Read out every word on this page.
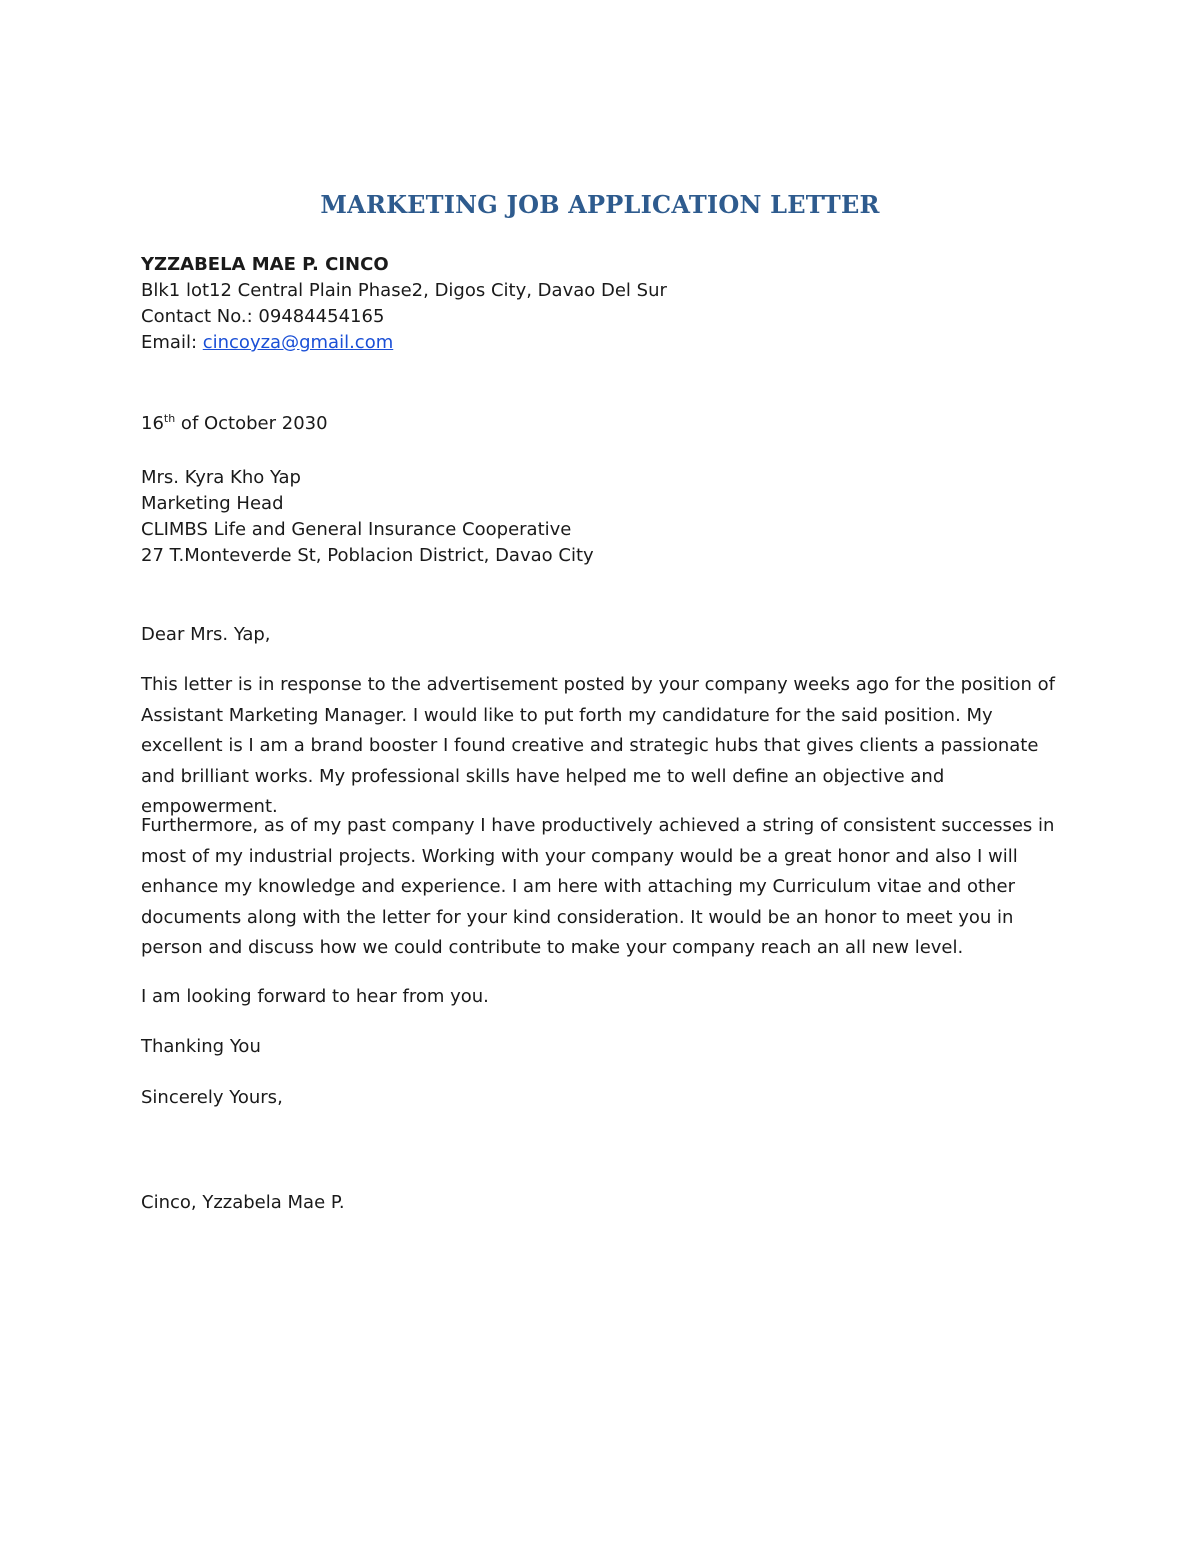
MARKETING JOB APPLICATION LETTER
YZZABELA MAE P. CINCO
Blk1 lot12 Central Plain Phase2, Digos City, Davao Del Sur
Contact No.: 09484454165
Email: cincoyza@gmail.com
16th of October 2030
Mrs. Kyra Kho Yap
Marketing Head
CLIMBS Life and General Insurance Cooperative
27 T.Monteverde St, Poblacion District, Davao City
Dear Mrs. Yap,

This letter is in response to the advertisement posted by your company weeks ago for the position of Assistant Marketing Manager. I would like to put forth my candidature for the said position. My excellent is I am a brand booster I found creative and strategic hubs that gives clients a passionate and brilliant works. My professional skills have helped me to well define an objective and empowerment.

Furthermore, as of my past company I have productively achieved a string of consistent successes in most of my industrial projects. Working with your company would be a great honor and also I will enhance my knowledge and experience. I am here with attaching my Curriculum vitae and other documents along with the letter for your kind consideration. It would be an honor to meet you in person and discuss how we could contribute to make your company reach an all new level.

I am looking forward to hear from you.
Thanking You
Sincerely Yours,
Cinco, Yzzabela Mae P.
